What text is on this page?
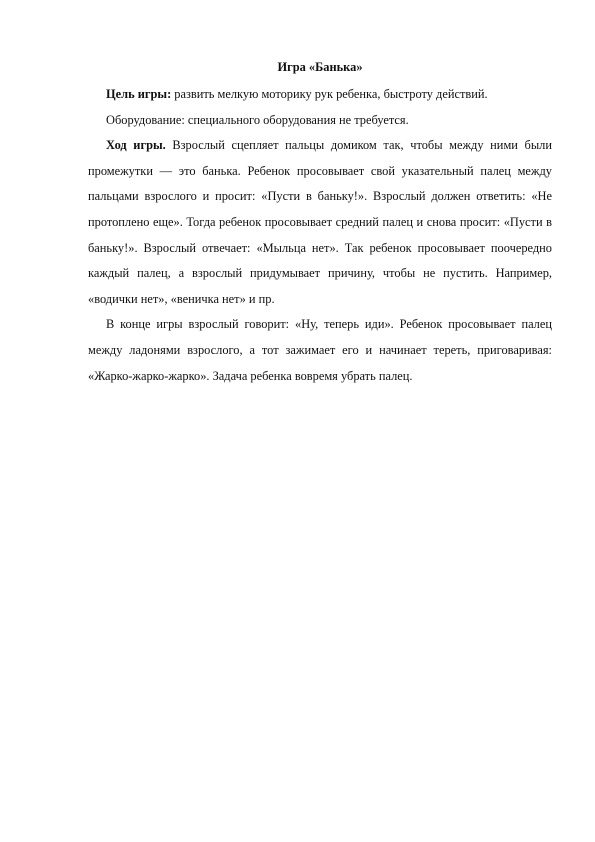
Игра «Банька»

Цель игры: развить мелкую моторику рук ребенка, быстроту действий.

Оборудование: специального оборудования не требуется.

Ход игры. Взрослый сцепляет пальцы домиком так, чтобы между ними были промежутки — это банька. Ребенок просовывает свой указательный палец между пальцами взрослого и просит: «Пусти в баньку!». Взрослый должен ответить: «Не протоплено еще». Тогда ребенок просовывает средний палец и снова просит: «Пусти в баньку!». Взрослый отвечает: «Мыльца нет». Так ребенок просовывает поочередно каждый палец, а взрослый придумывает причину, чтобы не пустить. Например, «водички нет», «веничка нет» и пр.

В конце игры взрослый говорит: «Ну, теперь иди». Ребенок просовывает палец между ладонями взрослого, а тот зажимает его и начинает тереть, приговаривая: «Жарко-жарко-жарко». Задача ребенка вовремя убрать палец.
